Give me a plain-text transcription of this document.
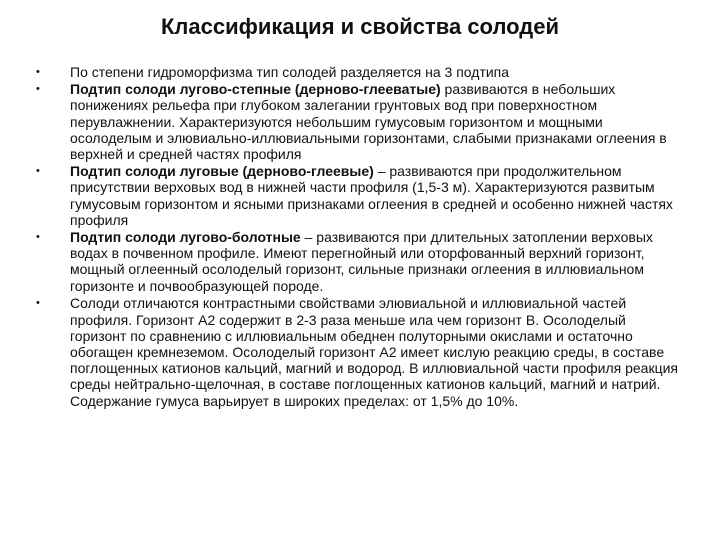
Классификация и свойства солодей
•	По степени гидроморфизма тип солодей разделяется на 3 подтипа
•	Подтип солоди лугово-степные (дерново-глееватые) развиваются в небольших понижениях рельефа при глубоком залегании грунтовых вод при поверхностном перувлажнении. Характеризуются небольшим гумусовым горизонтом и мощными осолоделым и элювиально-иллювиальными горизонтами, слабыми признаками оглеения в верхней и средней частях профиля
•	Подтип солоди луговые (дерново-глеевые) – развиваются при продолжительном присутствии верховых вод в нижней части профиля (1,5-3 м). Характеризуются развитым гумусовым горизонтом и ясными признаками оглеения в средней и особенно нижней частях профиля
•	Подтип солоди лугово-болотные – развиваются при длительных затоплении верховых водах в почвенном профиле. Имеют перегнойный или оторфованный верхний горизонт, мощный оглеенный осолоделый горизонт, сильные признаки оглеения в иллювиальном горизонте и почвообразующей породе.
•	Солоди отличаются контрастными свойствами элювиальной и иллювиальной частей профиля. Горизонт А2 содержит в 2-3 раза меньше ила чем горизонт В. Осолоделый горизонт по сравнению с иллювиальным обеднен полуторными окислами и остаточно обогащен кремнеземом. Осолоделый горизонт А2 имеет кислую реакцию среды, в составе поглощенных катионов кальций, магний и водород. В иллювиальной части профиля реакция среды нейтрально-щелочная, в составе поглощенных катионов кальций, магний и натрий. Содержание гумуса варьирует в широких пределах: от 1,5% до 10%.
